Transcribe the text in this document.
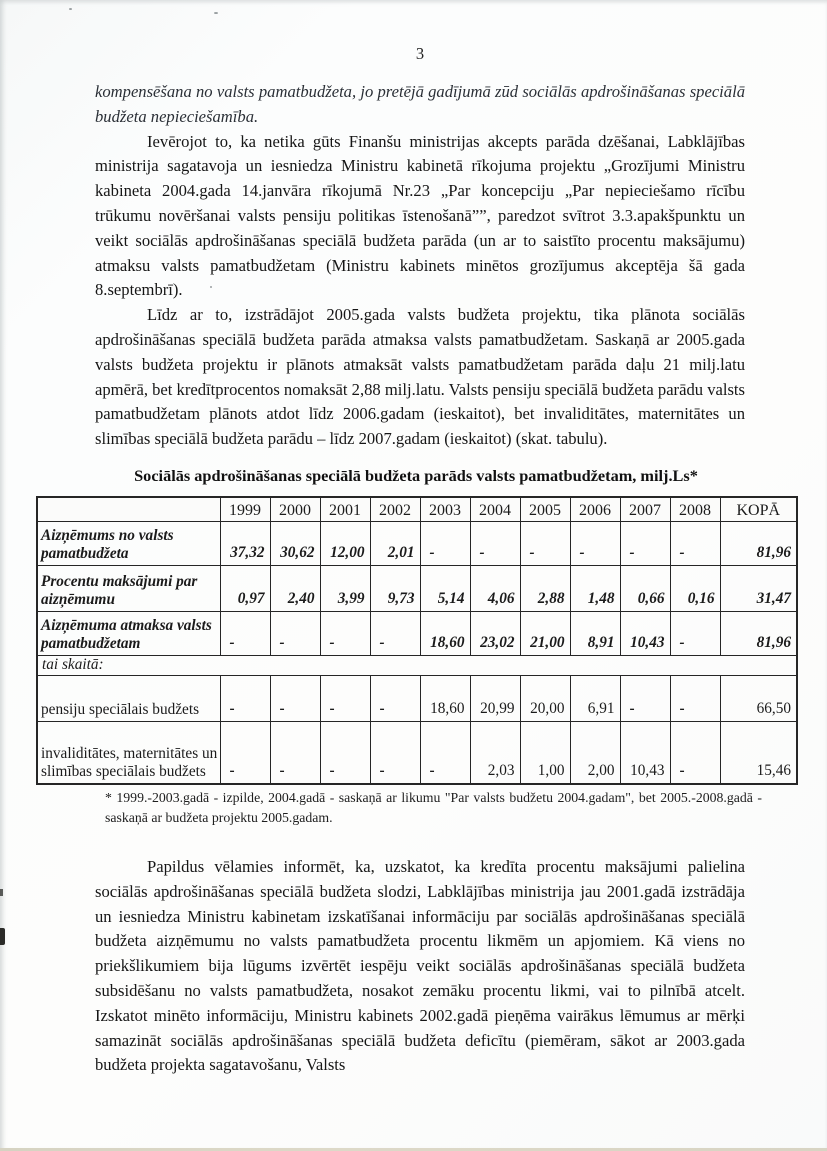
3

kompensēšana no valsts pamatbudžeta, jo pretējā gadījumā zūd sociālās apdrošināšanas speciālā budžeta nepieciešamība.

Ievērojot to, ka netika gūts Finanšu ministrijas akcepts parāda dzēšanai, Labklājības ministrija sagatavoja un iesniedza Ministru kabinetā rīkojuma projektu „Grozījumi Ministru kabineta 2004.gada 14.janvāra rīkojumā Nr.23 „Par koncepciju „Par nepieciešamo rīcību trūkumu novēršanai valsts pensiju politikas īstenošanā””, paredzot svītrot 3.3.apakšpunktu un veikt sociālās apdrošināšanas speciālā budžeta parāda (un ar to saistīto procentu maksājumu) atmaksu valsts pamatbudžetam (Ministru kabinets minētos grozījumus akceptēja šā gada 8.septembrī).

Līdz ar to, izstrādājot 2005.gada valsts budžeta projektu, tika plānota sociālās apdrošināšanas speciālā budžeta parāda atmaksa valsts pamatbudžetam. Saskaņā ar 2005.gada valsts budžeta projektu ir plānots atmaksāt valsts pamatbudžetam parāda daļu 21 milj.latu apmērā, bet kredītprocentos nomaksāt 2,88 milj.latu. Valsts pensiju speciālā budžeta parādu valsts pamatbudžetam plānots atdot līdz 2006.gadam (ieskaitot), bet invaliditātes, maternitātes un slimības speciālā budžeta parādu – līdz 2007.gadam (ieskaitot) (skat. tabulu).

Sociālās apdrošināšanas speciālā budžeta parāds valsts pamatbudžetam, milj.Ls*
	1999	2000	2001	2002	2003	2004	2005	2006	2007	2008	KOPĀ
Aizņēmums no valsts pamatbudžeta	37,32	30,62	12,00	2,01	-	-	-	-	-	-	81,96
Procentu maksājumi par aizņēmumu	0,97	2,40	3,99	9,73	5,14	4,06	2,88	1,48	0,66	0,16	31,47
Aizņēmuma atmaksa valsts pamatbudžetam	-	-	-	-	18,60	23,02	21,00	8,91	10,43	-	81,96
tai skaitā:											
pensiju speciālais budžets	-	-	-	-	18,60	20,99	20,00	6,91	-	-	66,50
invaliditātes, maternitātes un slimības speciālais budžets	-	-	-	-	-	2,03	1,00	2,00	10,43	-	15,46
* 1999.-2003.gadā - izpilde, 2004.gadā - saskaņā ar likumu "Par valsts budžetu 2004.gadam", bet 2005.-2008.gadā - saskaņā ar budžeta projektu 2005.gadam.

Papildus vēlamies informēt, ka, uzskatot, ka kredīta procentu maksājumi palielina sociālās apdrošināšanas speciālā budžeta slodzi, Labklājības ministrija jau 2001.gadā izstrādāja un iesniedza Ministru kabinetam izskatīšanai informāciju par sociālās apdrošināšanas speciālā budžeta aizņēmumu no valsts pamatbudžeta procentu likmēm un apjomiem. Kā viens no priekšlikumiem bija lūgums izvērtēt iespēju veikt sociālās apdrošināšanas speciālā budžeta subsidēšanu no valsts pamatbudžeta, nosakot zemāku procentu likmi, vai to pilnībā atcelt. Izskatot minēto informāciju, Ministru kabinets 2002.gadā pieņēma vairākus lēmumus ar mērķi samazināt sociālās apdrošināšanas speciālā budžeta deficītu (piemēram, sākot ar 2003.gada budžeta projekta sagatavošanu, Valsts
